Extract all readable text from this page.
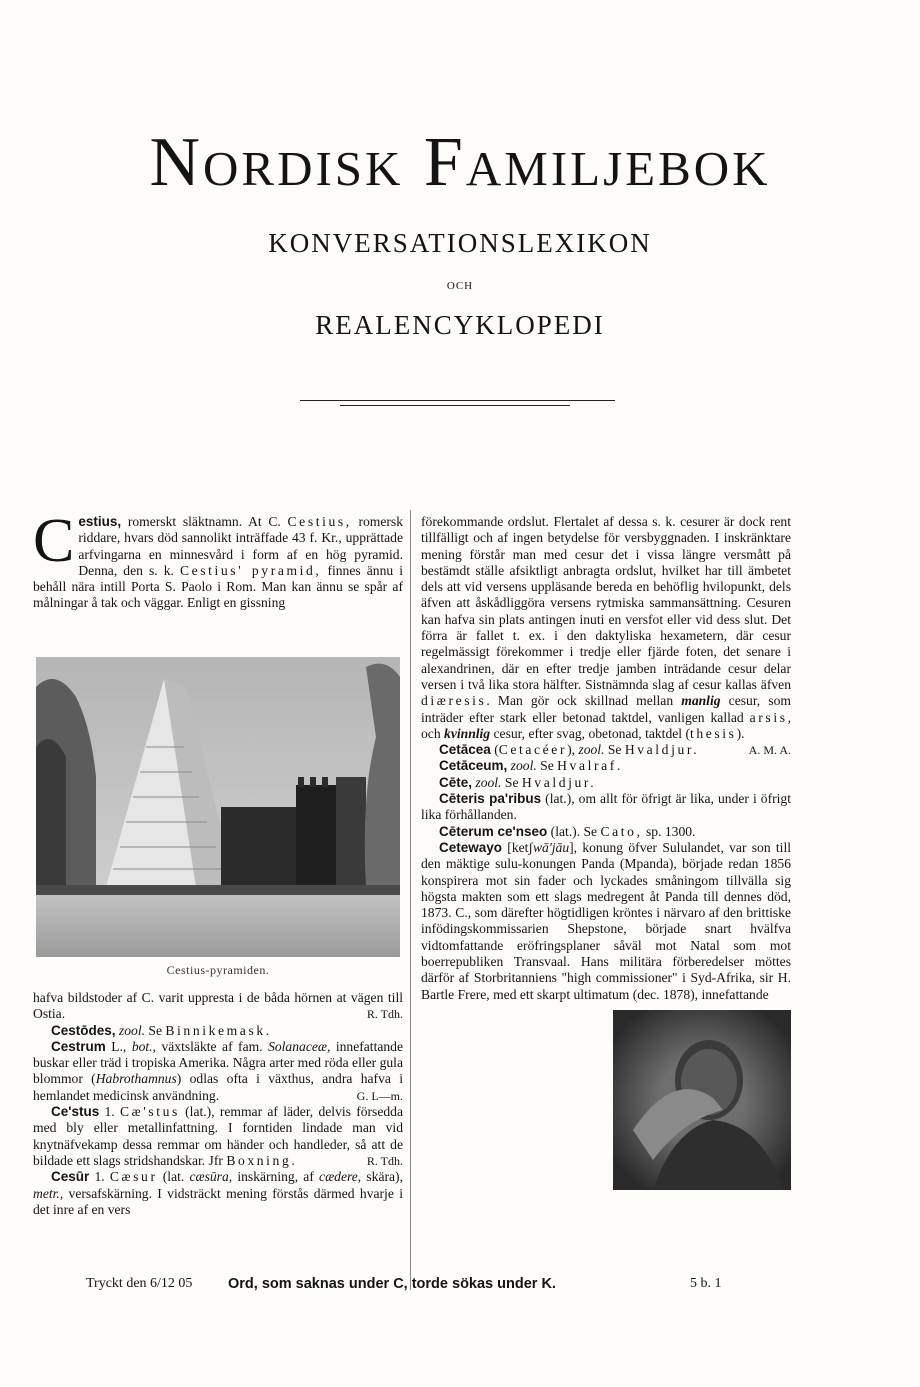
Nordisk Familjebok
KONVERSATIONSLEXIKON
OCH
REALENCYKLOPEDI

Cestius, romerskt släktnamn. At C. Cestius, romersk riddare, hvars död sannolikt inträffade 43 f. Kr., upprättade arfvingarna en minnesvård i form af en hög pyramid. Denna, den s. k. Cestius' pyramid, finnes ännu i behåll nära intill Porta S. Paolo i Rom. Man kan ännu se spår af målningar å tak och väggar. Enligt en gissning

Cestius-pyramiden.

hafva bildstoder af C. varit uppresta i de båda hörnen at vägen till Ostia.	R. Tdh.

Cestōdes, zool. Se Binnikemask.

Cestrum L., bot., växtsläkte af fam. Solanaceæ, innefattande buskar eller träd i tropiska Amerika. Några arter med röda eller gula blommor (Habrothamnus) odlas ofta i växthus, andra hafva i hemlandet medicinsk användning.	G. L—m.

Ce'stus 1. Cæ'stus (lat.), remmar af läder, delvis försedda med bly eller metallinfattning. I forntiden lindade man vid knytnäfvekamp dessa remmar om händer och handleder, så att de bildade ett slags stridshandskar. Jfr Boxning.	R. Tdh.

Cesūr 1. Cæsur (lat. cæsūra, inskärning, af cædere, skära), metr., versafskärning. I vidsträckt mening förstås därmed hvarje i det inre af en vers

förekommande ordslut. Flertalet af dessa s. k. cesurer är dock rent tillfälligt och af ingen betydelse för versbyggnaden. I inskränktare mening förstår man med cesur det i vissa längre versmått på bestämdt ställe afsiktligt anbragta ordslut, hvilket har till ämbetet dels att vid versens uppläsande bereda en behöflig hvilopunkt, dels äfven att åskådliggöra versens rytmiska sammansättning. Cesuren kan hafva sin plats antingen inuti en versfot eller vid dess slut. Det förra är fallet t. ex. i den daktyliska hexametern, där cesur regelmässigt förekommer i tredje eller fjärde foten, det senare i alexandrinen, där en efter tredje jamben inträdande cesur delar versen i två lika stora hälfter. Sistnämnda slag af cesur kallas äfven diæresis. Man gör ock skillnad mellan manlig cesur, som inträder efter stark eller betonad taktdel, vanligen kallad arsis, och kvinnlig cesur, efter svag, obetonad, taktdel (thesis).
A. M. A.

Cetācea (Cetacéer), zool. Se Hvaldjur.

Cetāceum, zool. Se Hvalraf.

Cēte, zool. Se Hvaldjur.

Cēteris pa'ribus (lat.), om allt för öfrigt är lika, under i öfrigt lika förhållanden.

Cēterum ce'nseo (lat.). Se Cato, sp. 1300.

Cetewayo [ketʃwā'jāu], konung öfver Sululandet, var son till den mäktige sulu-konungen Panda (Mpanda), började redan 1856 konspirera mot sin fader och lyckades småningom tillvälla sig högsta makten som ett slags medregent åt Panda till dennes död, 1873. C., som därefter högtidligen kröntes i närvaro af den brittiske infödingskommissarien Shepstone, började snart hvälfva vidtomfattande eröfringsplaner såväl mot Natal som mot boerrepubliken Transvaal. Hans militära förberedelser möttes därför af Storbritanniens "high commissioner" i Syd-Afrika, sir H. Bartle Frere, med ett skarpt ultimatum (dec. 1878), innefattande

Tryckt den 6/12 05 Ord, som saknas under C, torde sökas under K.	5 b. 1
